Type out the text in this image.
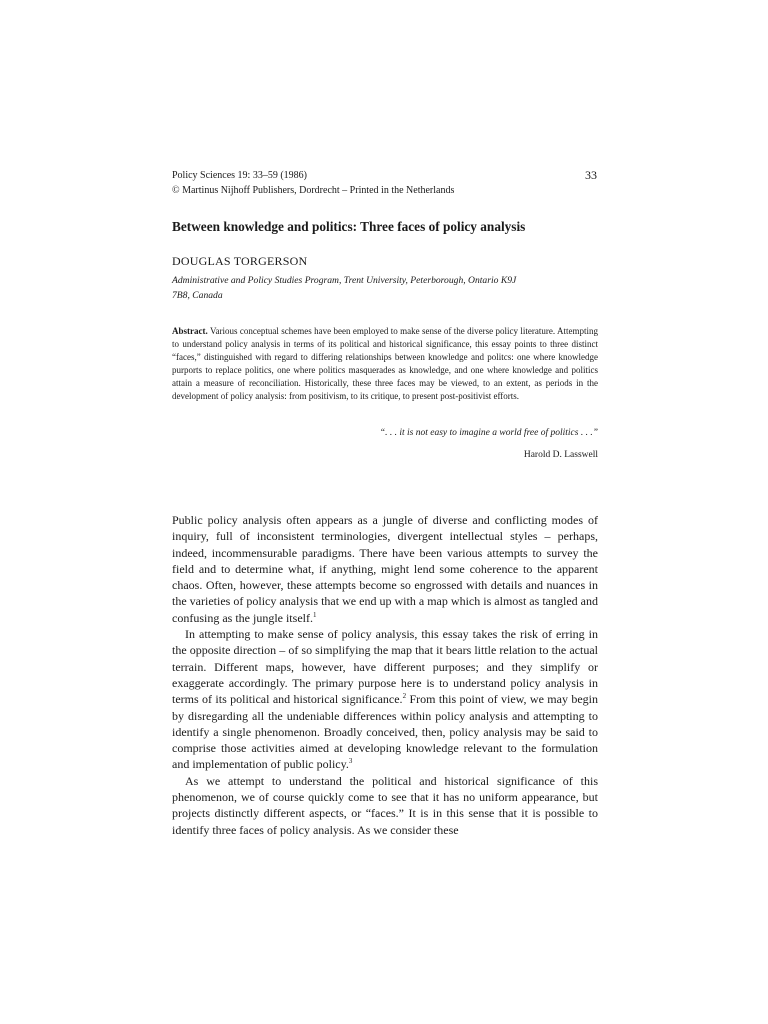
Policy Sciences 19: 33–59 (1986)
© Martinus Nijhoff Publishers, Dordrecht – Printed in the Netherlands
33
Between knowledge and politics: Three faces of policy analysis
DOUGLAS TORGERSON
Administrative and Policy Studies Program, Trent University, Peterborough, Ontario K9J
7B8, Canada
Abstract. Various conceptual schemes have been employed to make sense of the diverse policy literature. Attempting to understand policy analysis in terms of its political and historical significance, this essay points to three distinct “faces,” distinguished with regard to differing relationships between knowledge and politcs: one where knowledge purports to replace politics, one where politics masquerades as knowledge, and one where knowledge and politics attain a measure of reconciliation. Historically, these three faces may be viewed, to an extent, as periods in the development of policy analysis: from positivism, to its critique, to present post-positivist efforts.
“. . . it is not easy to imagine a world free of politics . . .”
Harold D. Lasswell

Public policy analysis often appears as a jungle of diverse and conflicting modes of inquiry, full of inconsistent terminologies, divergent intellectual styles – perhaps, indeed, incommensurable paradigms. There have been various attempts to survey the field and to determine what, if anything, might lend some coherence to the apparent chaos. Often, however, these attempts become so engrossed with details and nuances in the varieties of policy analysis that we end up with a map which is almost as tangled and confusing as the jungle itself.$^1$

In attempting to make sense of policy analysis, this essay takes the risk of erring in the opposite direction – of so simplifying the map that it bears little relation to the actual terrain. Different maps, however, have different purposes; and they simplify or exaggerate accordingly. The primary purpose here is to understand policy analysis in terms of its political and historical significance.$^2$ From this point of view, we may begin by disregarding all the undeniable differences within policy analysis and attempting to identify a single phenomenon. Broadly conceived, then, policy analysis may be said to comprise those activities aimed at developing knowledge relevant to the formulation and implementation of public policy.$^3$

As we attempt to understand the political and historical significance of this phenomenon, we of course quickly come to see that it has no uniform appearance, but projects distinctly different aspects, or “faces.” It is in this sense that it is possible to identify three faces of policy analysis. As we consider these
